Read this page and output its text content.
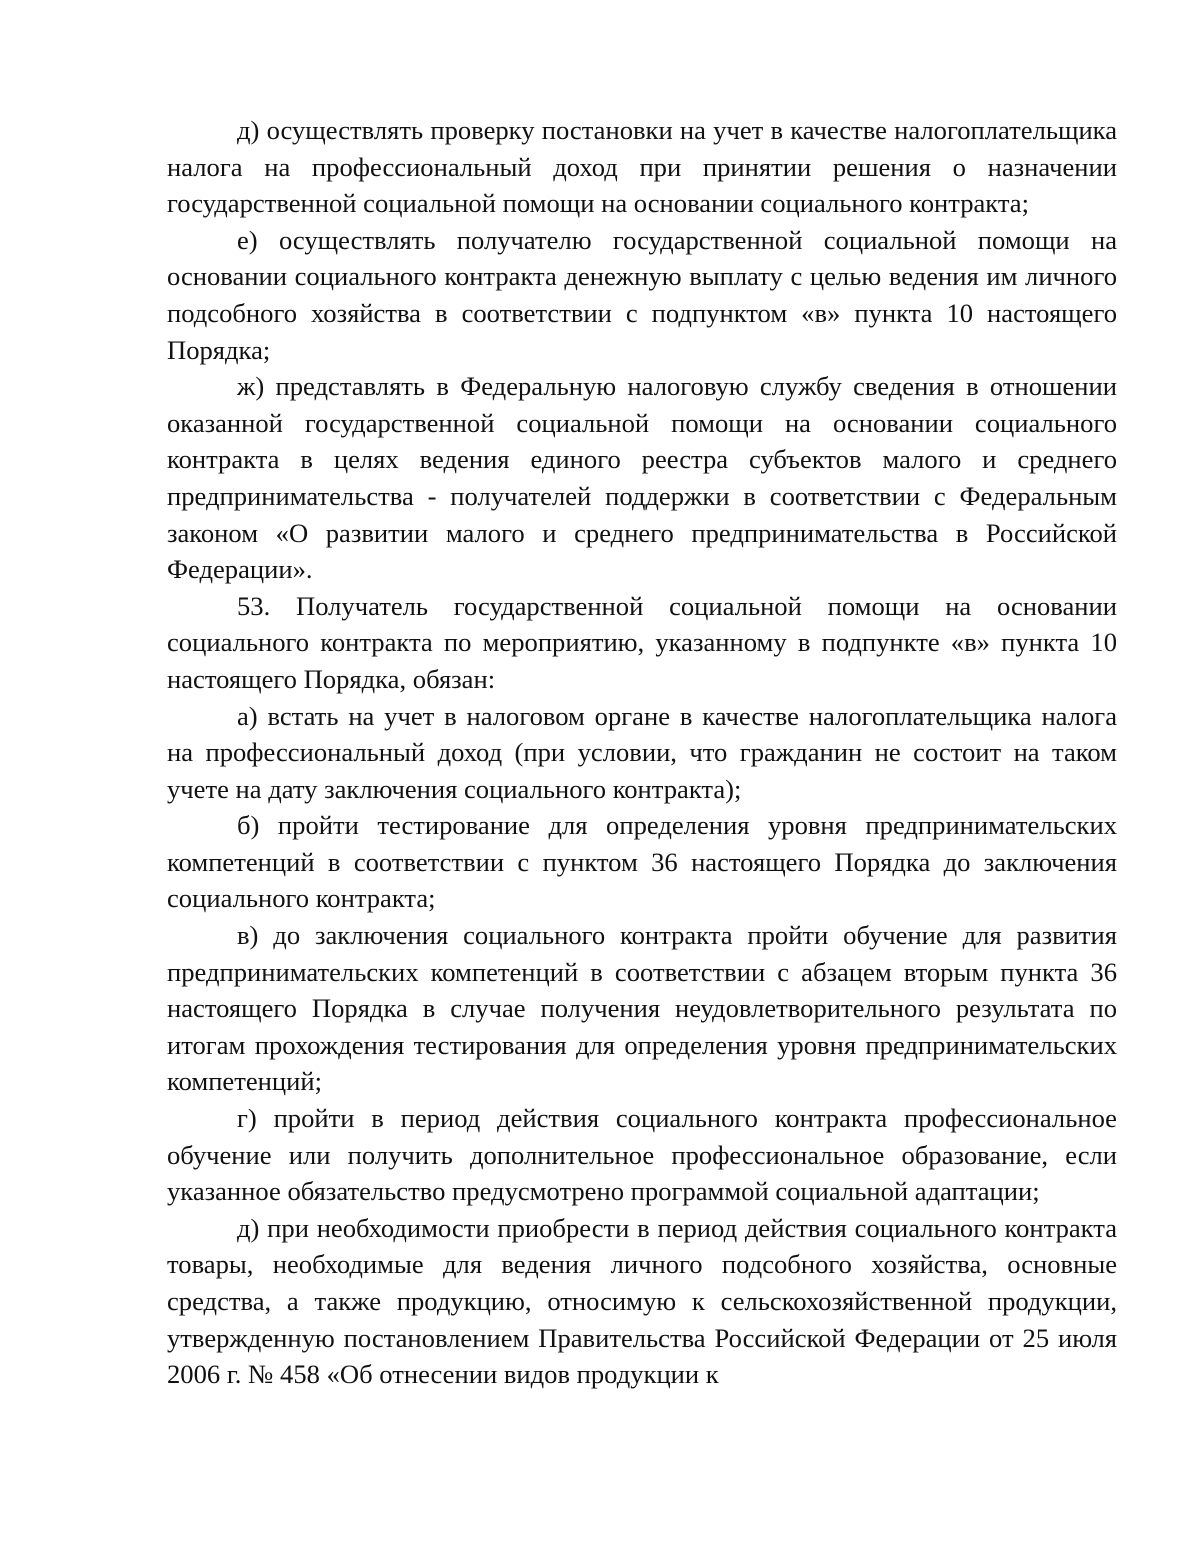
д) осуществлять проверку постановки на учет в качестве налогоплательщика налога на профессиональный доход при принятии решения о назначении государственной социальной помощи на основании социального контракта;

е) осуществлять получателю государственной социальной помощи на основании социального контракта денежную выплату с целью ведения им личного подсобного хозяйства в соответствии с подпунктом «в» пункта 10 настоящего Порядка;

ж) представлять в Федеральную налоговую службу сведения в отношении оказанной государственной социальной помощи на основании социального контракта в целях ведения единого реестра субъектов малого и среднего предпринимательства - получателей поддержки в соответствии с Федеральным законом «О развитии малого и среднего предпринимательства в Российской Федерации».

53. Получатель государственной социальной помощи на основании социального контракта по мероприятию, указанному в подпункте «в» пункта 10 настоящего Порядка, обязан:

а) встать на учет в налоговом органе в качестве налогоплательщика налога на профессиональный доход (при условии, что гражданин не состоит на таком учете на дату заключения социального контракта);

б) пройти тестирование для определения уровня предпринимательских компетенций в соответствии с пунктом 36 настоящего Порядка до заключения социального контракта;

в) до заключения социального контракта пройти обучение для развития предпринимательских компетенций в соответствии с абзацем вторым пункта 36 настоящего Порядка в случае получения неудовлетворительного результата по итогам прохождения тестирования для определения уровня предпринимательских компетенций;

г) пройти в период действия социального контракта профессиональное обучение или получить дополнительное профессиональное образование, если указанное обязательство предусмотрено программой социальной адаптации;

д) при необходимости приобрести в период действия социального контракта товары, необходимые для ведения личного подсобного хозяйства, основные средства, а также продукцию, относимую к сельскохозяйственной продукции, утвержденную постановлением Правительства Российской Федерации от 25 июля 2006 г. № 458 «Об отнесении видов продукции к
